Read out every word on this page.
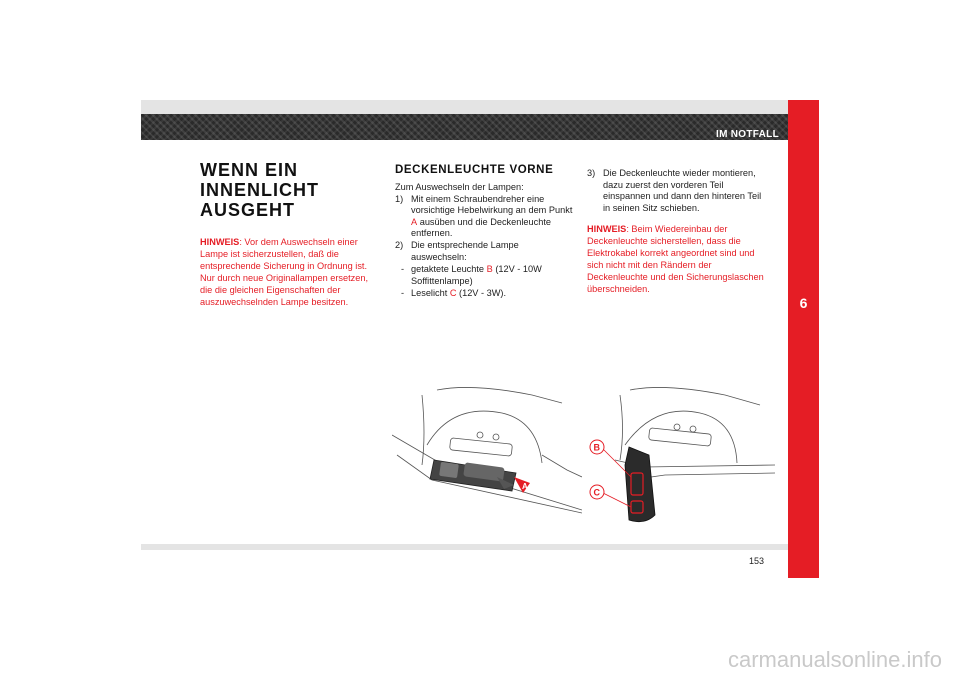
IM NOTFALL
6
153
WENN EIN
INNENLICHT
AUSGEHT
HINWEIS: Vor dem Auswechseln einer Lampe ist sicherzustellen, daß die entsprechende Sicherung in Ordnung ist. Nur durch neue Originallampen ersetzen, die die gleichen Eigenschaften der auszuwechselnden Lampe besitzen.
DECKENLEUCHTE VORNE
Zum Auswechseln der Lampen:
1) Mit einem Schraubendreher eine vorsichtige Hebelwirkung an dem Punkt A ausüben und die Deckenleuchte entfernen.
2) Die entsprechende Lampe auswechseln:
- getaktete Leuchte B (12V - 10W Soffittenlampe)
- Leselicht C (12V - 3W).
3) Die Deckenleuchte wieder montieren, dazu zuerst den vorderen Teil einspannen und dann den hinteren Teil in seinen Sitz schieben.
HINWEIS: Beim Wiedereinbau der Deckenleuchte sicherstellen, dass die Elektrokabel korrekt angeordnet sind und sich nicht mit den Rändern der Deckenleuchte und den Sicherungslaschen überschneiden.
A
B
C
carmanualsonline.info
